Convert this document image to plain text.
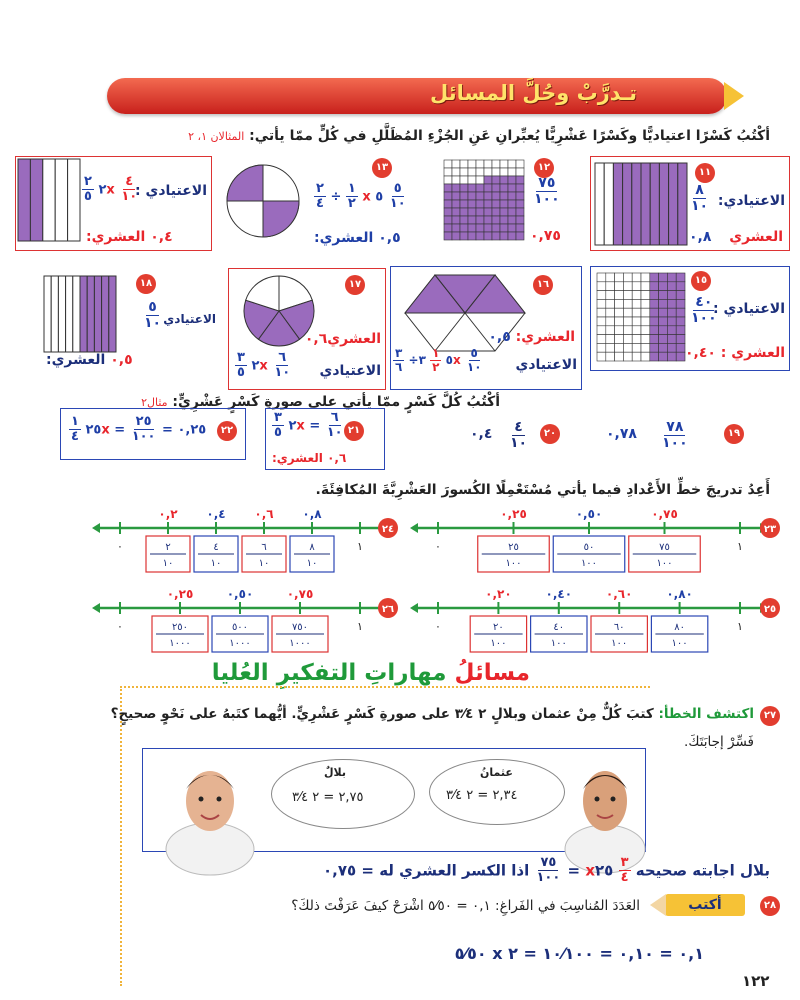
تـدرَّبْ وحُلَّ المسائل
أكْتُبُ كَسْرًا اعتياديًّا وكَسْرًا عَشْرِيًّا يُعبِّرانِ عَنِ الجُزْءِ المُظَلَّلِ في كُلٍّ ممّا يأتي: المثالان ١، ٢
١١
الاعتيادي:
$\frac{٨}{١٠}$
٠,٨ العشري
١٢
$\frac{٧٥}{١٠٠}$
٠,٧٥
١٣
$\frac{٥}{١٠}$
٥ x
$\frac{١}{٢}$
÷
$\frac{٢}{٤}$
٠,٥ العشري:
الاعتيادي :
$\frac{٤}{١٠}$
٢x
$\frac{٢}{٥}$
٠,٤ العشري:
١٥
الاعتيادي :
$\frac{٤٠}{١٠٠}$
العشري : ٠,٤٠
١٦
العشري: ٠,٥
الاعتيادي
$\frac{٥}{١٠}$
٥x
$\frac{١}{٢}$
٣÷
$\frac{٣}{٦}$
١٧
العشري٠,٦
الاعتيادي
$\frac{٦}{١٠}$
٢x
$\frac{٣}{٥}$
١٨
الاعتيادي
$\frac{٥}{١٠}$
٠,٥ العشري:
أكْتُبُ كُلَّ كَسْرٍ ممّا يأتي على صورةِ كَسْرٍ عَشْرِيٍّ: مثال٢
١٩
$\frac{٧٨}{١٠٠}$
٠,٧٨
٢٠
$\frac{٤}{١٠}$
٠,٤
٢١
$\frac{٦}{١٠}$
= ٢x
$\frac{٣}{٥}$
٠,٦ العشري:
٢٢
٠,٢٥ =
$\frac{٢٥}{١٠٠}$
= ٢٥x
$\frac{١}{٤}$
أَعِدُ تدريجَ خطِّ الأَعْدادِ فيما يأتي مُسْتَعْمِلًا الكُسورَ العَشْرِيَّةَ المُكافِئَةَ.
٢٣
٠	١
٠,٢٥
٢٥
١٠٠
٠,٥٠
٥٠
١٠٠
٠,٧٥
٧٥
١٠٠
٢٤
٠	١
٠,٢
٢
١٠
٠,٤
٤
١٠
٠,٦
٦
١٠
٠,٨
٨
١٠
٢٥
٠	١
٠,٢٠
٢٠
١٠٠
٠,٤٠
٤٠
١٠٠
٠,٦٠
٦٠
١٠٠
٠,٨٠
٨٠
١٠٠
٢٦
٠	١
٠,٢٥
٢٥٠
١٠٠٠
٠,٥٠
٥٠٠
١٠٠٠
٠,٧٥
٧٥٠
١٠٠٠
مسائلُ مهاراتِ التفكيرِ العُليا
٢٧
اكتشف الخطأ: كتبَ كُلٌّ مِنْ عثمان وبلالٍ ٢ ٣⁄٤ على صورةِ كَسْرٍ عَشْرِيٍّ. أيُّهما كتَبهُ على نَحْوٍ صحيحٍ؟
فَسِّرْ إجابَتَكَ.
بلالٌ
٢,٧٥ = ٢ ٣⁄٤
عثمانُ
٢,٣٤ = ٢ ٣⁄٤
بلال اجابته صحيحه
$\frac{٣}{٤}$
x٢٥ =
$\frac{٧٥}{١٠٠}$
اذا الكسر العشري له = ٠,٧٥
٢٨
أكتب
العَدَدَ المُناسِبَ في الفَراغِ: ٠,١ = ٥⁄٥٠ اشْرَحْ كيفَ عَرَفْتَ ذلكَ؟
٠,١ = ٠,١٠ = ١٠⁄١٠٠ = ٢ x ٥⁄٥٠
١٢٢
